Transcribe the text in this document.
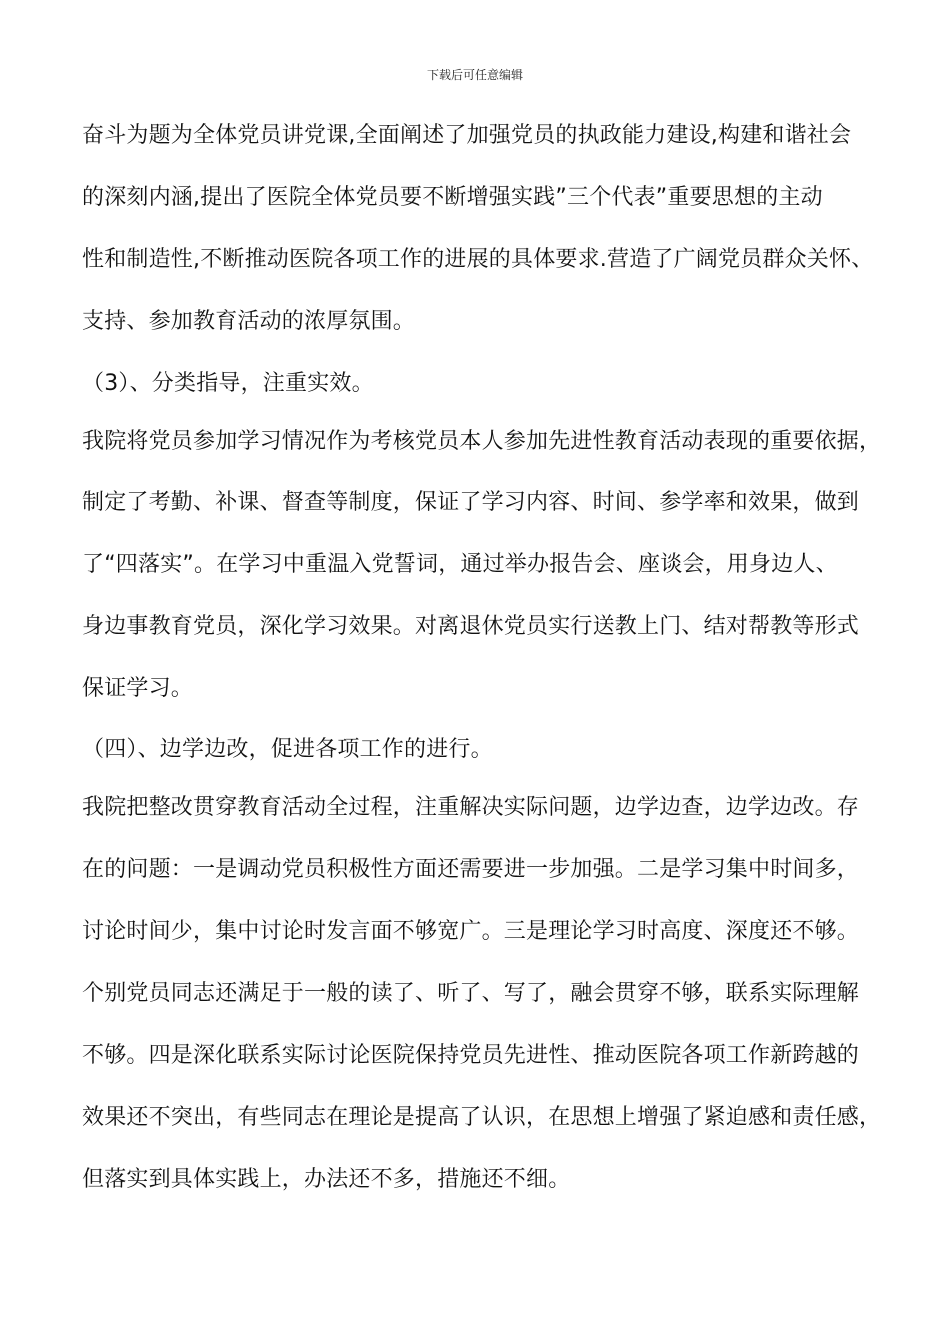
下载后可任意编辑
奋斗为题为全体党员讲党课,全面阐述了加强党员的执政能力建设,构建和谐社会
的深刻内涵,提出了医院全体党员要不断增强实践”三个代表”重要思想的主动
性和制造性,不断推动医院各项工作的进展的具体要求.营造了广阔党员群众关怀、
支持、参加教育活动的浓厚氛围。
（3）、分类指导，注重实效。
我院将党员参加学习情况作为考核党员本人参加先进性教育活动表现的重要依据，
制定了考勤、补课、督查等制度，保证了学习内容、时间、参学率和效果，做到
了“四落实”。在学习中重温入党誓词，通过举办报告会、座谈会，用身边人、
身边事教育党员，深化学习效果。对离退休党员实行送教上门、结对帮教等形式
保证学习。
（四）、边学边改，促进各项工作的进行。
我院把整改贯穿教育活动全过程，注重解决实际问题，边学边查，边学边改。存
在的问题：一是调动党员积极性方面还需要进一步加强。二是学习集中时间多，
讨论时间少，集中讨论时发言面不够宽广。三是理论学习时高度、深度还不够。
个别党员同志还满足于一般的读了、听了、写了，融会贯穿不够，联系实际理解
不够。四是深化联系实际讨论医院保持党员先进性、推动医院各项工作新跨越的
效果还不突出，有些同志在理论是提高了认识，在思想上增强了紧迫感和责任感，
但落实到具体实践上，办法还不多，措施还不细。
